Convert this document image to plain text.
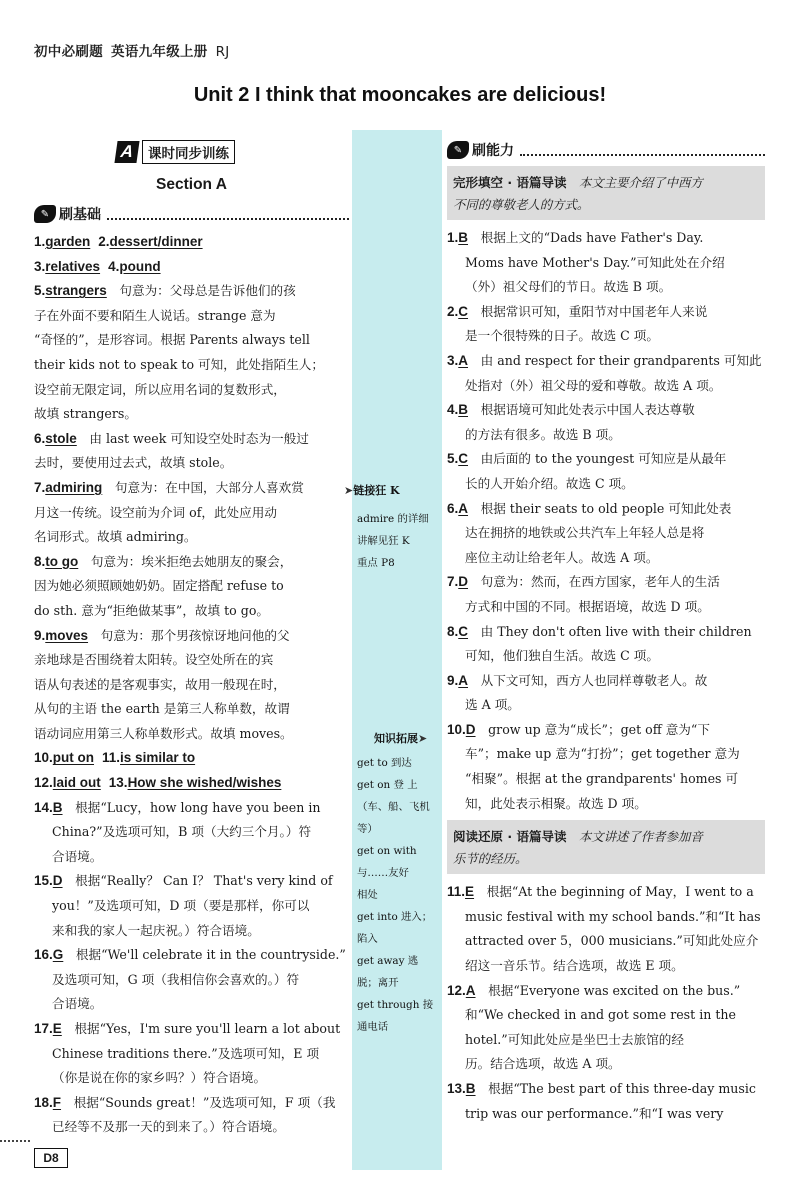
初中必刷题 英语九年级上册 RJ
Unit 2 I think that mooncakes are delicious!
➤链接狂 K
admire 的详细
讲解见狂 K
重点 P8
知识拓展➤
get to 到达
get on 登 上
（车、船、飞机
等）
get on with
与……友好
相处
get into 进入；
陷入
get away 逃
脱；离开
get through 接
通电话
A 课时同步训练
Section A
✎ 刷基础
1.garden 2.dessert/dinner
3.relatives 4.pound
5.strangers　句意为：父母总是告诉他们的孩
子在外面不要和陌生人说话。strange 意为
“奇怪的”，是形容词。根据 Parents always tell
their kids not to speak to 可知，此处指陌生人；
设空前无限定词，所以应用名词的复数形式，
故填 strangers。
6.stole　由 last week 可知设空处时态为一般过
去时，要使用过去式，故填 stole。
7.admiring　句意为：在中国，大部分人喜欢赏
月这一传统。设空前为介词 of，此处应用动
名词形式。故填 admiring。
8.to go　句意为：埃米拒绝去她朋友的聚会，
因为她必须照顾她奶奶。固定搭配 refuse to
do sth. 意为“拒绝做某事”，故填 to go。
9.moves　句意为：那个男孩惊讶地问他的父
亲地球是否围绕着太阳转。设空处所在的宾
语从句表述的是客观事实，故用一般现在时，
从句的主语 the earth 是第三人称单数，故谓
语动词应用第三人称单数形式。故填 moves。
10.put on 11.is similar to
12.laid out 13.How she wished/wishes
14.B　根据“Lucy，how long have you been in
China?”及选项可知，B 项（大约三个月。）符
合语境。
15.D　根据“Really？ Can I？ That's very kind of
you！”及选项可知，D 项（要是那样，你可以
来和我的家人一起庆祝。）符合语境。
16.G　根据“We'll celebrate it in the countryside.”
及选项可知，G 项（我相信你会喜欢的。）符
合语境。
17.E　根据“Yes，I'm sure you'll learn a lot about
Chinese traditions there.”及选项可知，E 项
（你是说在你的家乡吗？）符合语境。
18.F　根据“Sounds great！”及选项可知，F 项（我
已经等不及那一天的到来了。）符合语境。
✎ 刷能力
完形填空 · 语篇导读　 本文主要介绍了中西方
不同的尊敬老人的方式。
1.B　根据上文的“Dads have Father's Day.
Moms have Mother's Day.”可知此处在介绍
（外）祖父母们的节日。故选 B 项。
2.C　根据常识可知，重阳节对中国老年人来说
是一个很特殊的日子。故选 C 项。
3.A　由 and respect for their grandparents 可知此
处指对（外）祖父母的爱和尊敬。故选 A 项。
4.B　根据语境可知此处表示中国人表达尊敬
的方法有很多。故选 B 项。
5.C　由后面的 to the youngest 可知应是从最年
长的人开始介绍。故选 C 项。
6.A　根据 their seats to old people 可知此处表
达在拥挤的地铁或公共汽车上年轻人总是将
座位主动让给老年人。故选 A 项。
7.D　句意为：然而，在西方国家，老年人的生活
方式和中国的不同。根据语境，故选 D 项。
8.C　由 They don't often live with their children
可知，他们独自生活。故选 C 项。
9.A　从下文可知，西方人也同样尊敬老人。故
选 A 项。
10.D　grow up 意为“成长”；get off 意为“下
车”；make up 意为“打扮”；get together 意为
“相聚”。根据 at the grandparents' homes 可
知，此处表示相聚。故选 D 项。
阅读还原 · 语篇导读　 本文讲述了作者参加音
乐节的经历。
11.E　根据“At the beginning of May，I went to a
music festival with my school bands.”和“It has
attracted over 5，000 musicians.”可知此处应介
绍这一音乐节。结合选项，故选 E 项。
12.A　根据“Everyone was excited on the bus.”
和“We checked in and got some rest in the
hotel.”可知此处应是坐巴士去旅馆的经
历。结合选项，故选 A 项。
13.B　根据“The best part of this three-day music
trip was our performance.”和“I was very
D8
